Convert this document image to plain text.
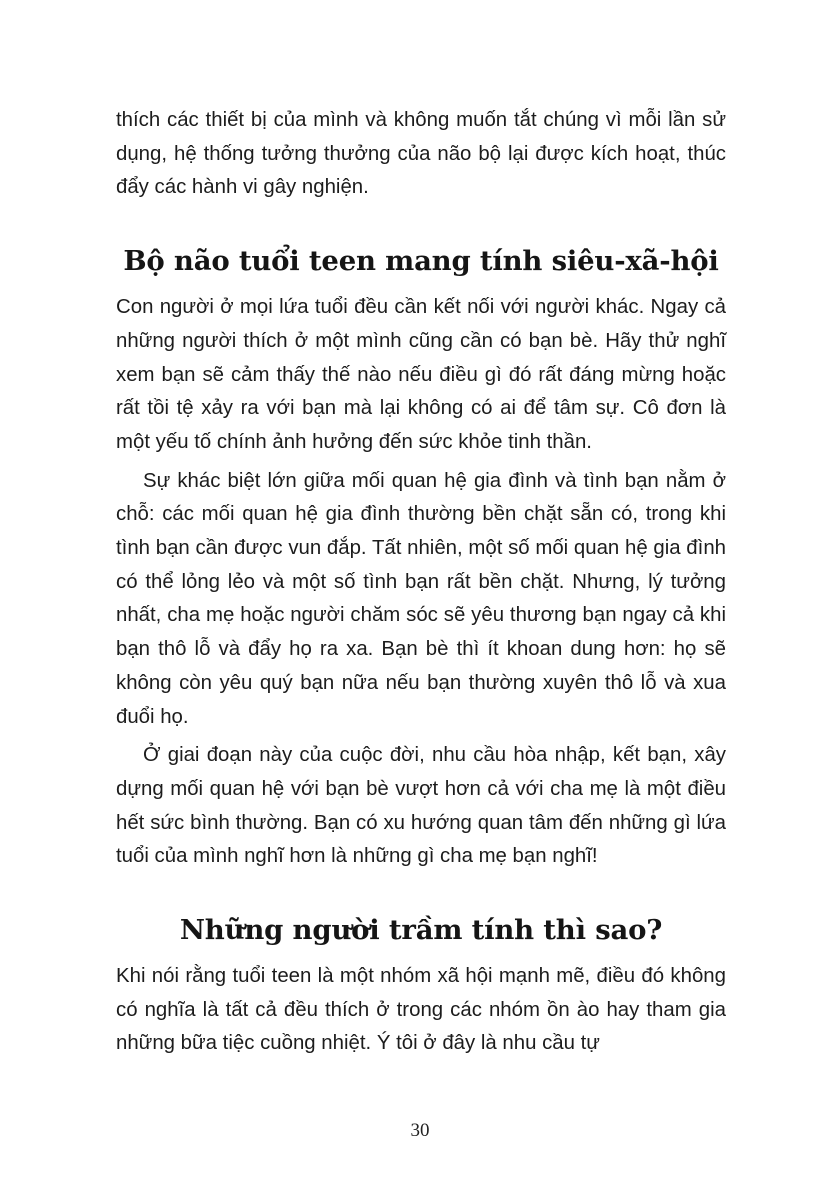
thích các thiết bị của mình và không muốn tắt chúng vì mỗi lần sử dụng, hệ thống tưởng thưởng của não bộ lại được kích hoạt, thúc đẩy các hành vi gây nghiện.

Bộ não tuổi teen mang tính siêu-xã-hội

Con người ở mọi lứa tuổi đều cần kết nối với người khác. Ngay cả những người thích ở một mình cũng cần có bạn bè. Hãy thử nghĩ xem bạn sẽ cảm thấy thế nào nếu điều gì đó rất đáng mừng hoặc rất tồi tệ xảy ra với bạn mà lại không có ai để tâm sự. Cô đơn là một yếu tố chính ảnh hưởng đến sức khỏe tinh thần.

Sự khác biệt lớn giữa mối quan hệ gia đình và tình bạn nằm ở chỗ: các mối quan hệ gia đình thường bền chặt sẵn có, trong khi tình bạn cần được vun đắp. Tất nhiên, một số mối quan hệ gia đình có thể lỏng lẻo và một số tình bạn rất bền chặt. Nhưng, lý tưởng nhất, cha mẹ hoặc người chăm sóc sẽ yêu thương bạn ngay cả khi bạn thô lỗ và đẩy họ ra xa. Bạn bè thì ít khoan dung hơn: họ sẽ không còn yêu quý bạn nữa nếu bạn thường xuyên thô lỗ và xua đuổi họ.

Ở giai đoạn này của cuộc đời, nhu cầu hòa nhập, kết bạn, xây dựng mối quan hệ với bạn bè vượt hơn cả với cha mẹ là một điều hết sức bình thường. Bạn có xu hướng quan tâm đến những gì lứa tuổi của mình nghĩ hơn là những gì cha mẹ bạn nghĩ!

Những người trầm tính thì sao?

Khi nói rằng tuổi teen là một nhóm xã hội mạnh mẽ, điều đó không có nghĩa là tất cả đều thích ở trong các nhóm ồn ào hay tham gia những bữa tiệc cuồng nhiệt. Ý tôi ở đây là nhu cầu tự

30
